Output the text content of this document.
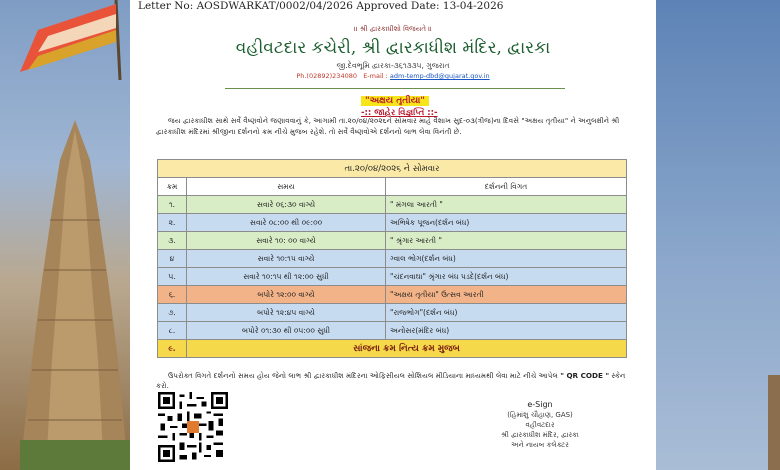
Letter No: AOSDWARKAT/0002/04/2026 Approved Date: 13-04-2026
॥ શ્રી દ્વારકાધીશો વિજયતે ॥
વહીવટદાર કચેરી, શ્રી દ્વારકાધીશ મંદિર, દ્વારકા
જી.દેવભૂમિ દ્વારકા-૩૬૧૩૩૫, ગુજરાત
Ph.(02892)234080 E-mail : adm-temp-dbd@gujarat.gov.in
"અક્ષય તૃતીયા"
-:: જાહેર વિજ્ઞપ્તિ ::-
જય દ્વારકાધીશ સાથે સર્વે વૈષ્ણવોને જણાવવાનું કે, આગામી તા.૨૦/૦૪/૨૦૨૬ને સોમવાર માહે વૈશાખ સુદ-૦૩(ત્રીજ)ના દિવસે "અક્ષય તૃતીયા" ને અનુલક્ષીને શ્રી દ્વારકાધીશ મંદિરમાં શ્રીજીના દર્શનનો ક્રમ નીચે મુજબ રહેશે. તો સર્વે વૈષ્ણવોએ દર્શનનો લાભ લેવા વિનંતી છે.
તા.૨૦/૦૪/૨૦૨૬ ને સોમવાર		
ક્રમ	સમય	દર્શનની વિગત
૧.	સવારે ૦૬:૩૦ વાગ્યે	" મંગલા આરતી "
૨.	સવારે ૦૮:૦૦ થી ૦૯:૦૦	અભિષેક પૂજન(દર્શન બંધ)
૩.	સવારે ૧૦: ૦૦ વાગ્યે	" શ્રૃંગાર આરતી "
૪	સવારે ૧૦:૧૫ વાગ્યે	ગ્વાલ ભોગ(દર્શન બંધ)
૫.	સવારે ૧૦:૧૫ થી ૧૨:૦૦ સુધી	"ચંદનવાઘા" શ્રૃંગાર બંધ પડદે(દર્શન બંધ)
૬.	બપોરે ૧૨:૦૦ વાગ્યે	"અક્ષય તૃતીયા" ઉત્સવ આરતી
૭.	બપોરે ૧૨:૪૫ વાગ્યે	"રાજભોગ"(દર્શન બંધ)
૮.	બપોરે ૦૧:૩૦ થી ૦૫:૦૦ સુધી	અનોસર(મંદિર બંધ)
૯.	સાંજના ક્રમ નિત્ય ક્રમ મુજબ	
ઉપરોક્ત વિગતે દર્શનનો સમય હોય જેનો લાભ શ્રી દ્વારકાધીશ મંદિરના ઓફિસીયલ સોશિયલ મીડિયાના માધ્યમથી લેવા માટે નીચે આપેલ " QR CODE " સ્કેન કરો.
e-Sign
(હિમાંશુ ચૌહાણ, GAS)
વહીવટદાર
શ્રી દ્વારકાધીશ મંદિર, દ્વારકા
અને નાયબ કલેક્ટર
